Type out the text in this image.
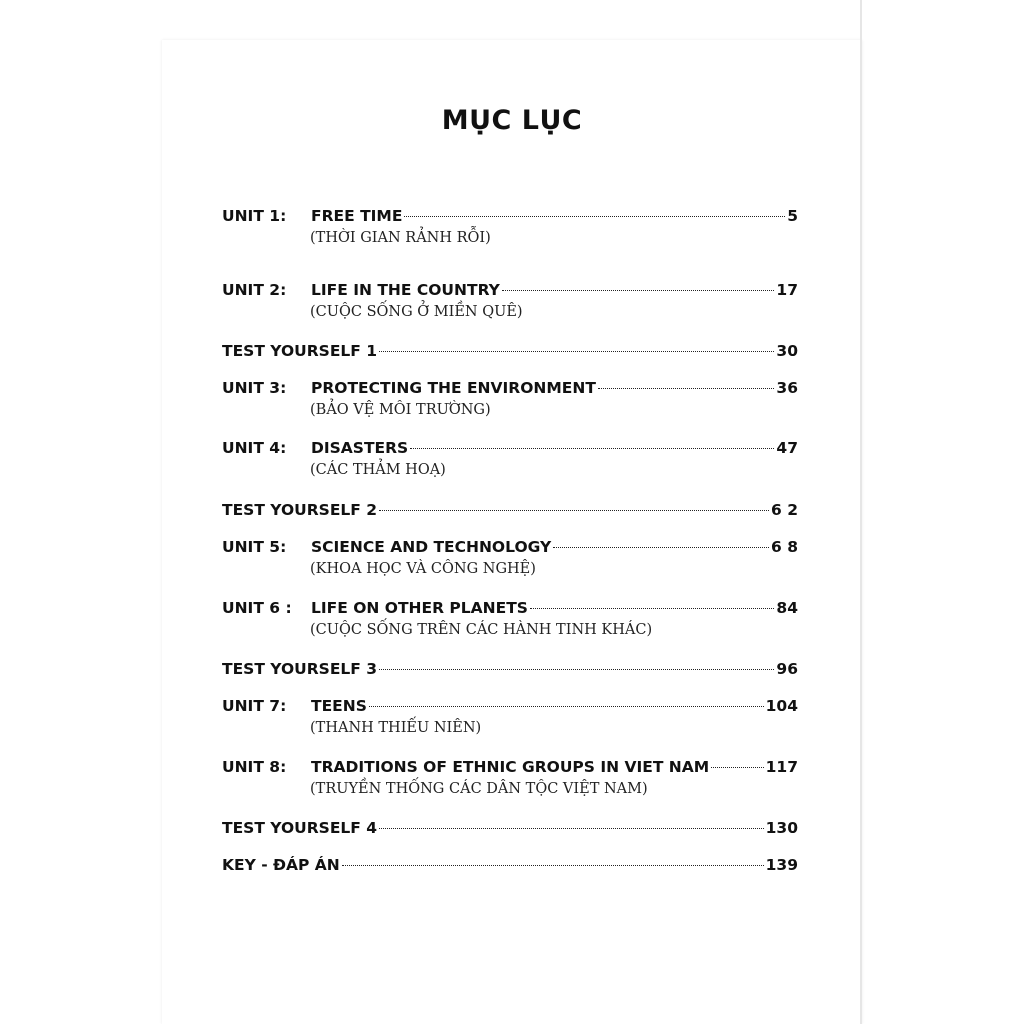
MỤC LỤC
UNIT 1:	FREE TIME	5
(THỜI GIAN RẢNH RỖI)
UNIT 2:	LIFE IN THE COUNTRY	17
(CUỘC SỐNG Ở MIỀN QUÊ)
TEST YOURSELF 1	30
UNIT 3:	PROTECTING THE ENVIRONMENT	36
(BẢO VỆ MÔI TRƯỜNG)
UNIT 4:	DISASTERS	47
(CÁC THẢM HOẠ)
TEST YOURSELF 2	6 2
UNIT 5:	SCIENCE AND TECHNOLOGY	6 8
(KHOA HỌC VÀ CÔNG NGHỆ)
UNIT 6 :	LIFE ON OTHER PLANETS	84
(CUỘC SỐNG TRÊN CÁC HÀNH TINH KHÁC)
TEST YOURSELF 3	96
UNIT 7:	TEENS	104
(THANH THIẾU NIÊN)
UNIT 8:	TRADITIONS OF ETHNIC GROUPS IN VIET NAM	117
(TRUYỀN THỐNG CÁC DÂN TỘC VIỆT NAM)
TEST YOURSELF 4	130
KEY - ĐÁP ÁN	139
